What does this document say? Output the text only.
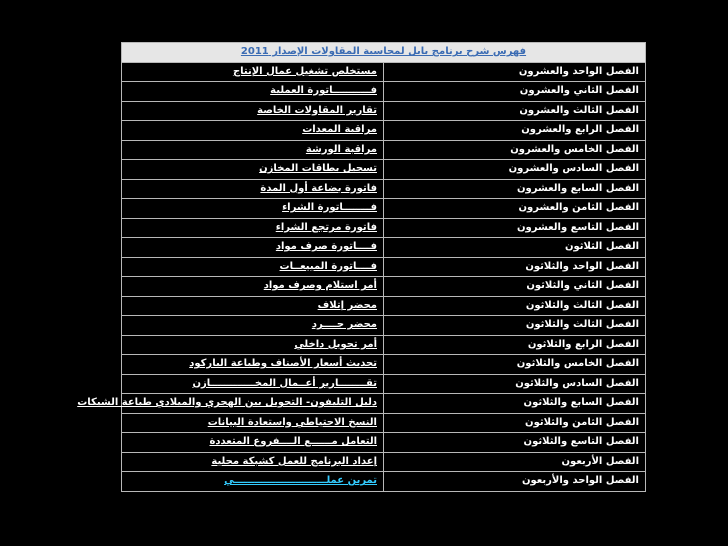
فهرس شرح برنامج بابل لمحاسبة المقاولات الإصدار 2011	
الفصل الواحد والعشرون	مستخلص تشغيل عمال الإنتاج
الفصل الثاني والعشرون	فـــــــــــاتورة العملية
الفصل الثالث والعشرون	تقارير المقاولات الخاصة
الفصل الرابع والعشرون	مراقبة المعدات
الفصل الخامس والعشرون	مراقبة الورشة
الفصل السادس والعشرون	تسجيل بطاقات المخازن
الفصل السابع والعشرون	فاتورة بضاعة أول المدة
الفصل الثامن والعشرون	فــــــــاتورة الشراء
الفصل التاسع والعشرون	فاتورة مرتجع الشراء
الفصل الثلاثون	فــــاتورة صرف مواد
الفصل الواحد والثلاثون	فــــاتورة المبيعــات
الفصل الثاني والثلاثون	أمر استلام وصرف مواد
الفصل الثالث والثلاثون	محضر إتلاف
الفصل الثالث والثلاثون	محضر جــــرد
الفصل الرابع والثلاثون	أمر تحويل داخلي
الفصل الخامس والثلاثون	تحديث أسعار الأصناف وطباعة الباركود
الفصل السادس والثلاثون	تقــــــــارير أعــمال المخـــــــــــــازن
الفصل السابع والثلاثون	دليل التليفون- التحويل بين الهجري والميلادي طباعة الشيكات
الفصل الثامن والثلاثون	النسخ الاحتياطي واستعادة البيانات
الفصل التاسع والثلاثون	التعامل مــــــع الــــفروع المتعددة
الفصل الأربعون	إعداد البرنامج للعمل كشبكة محلية
الفصل الواحد والأربعون	تمرين عملـــــــــــــــــــــــــــي
